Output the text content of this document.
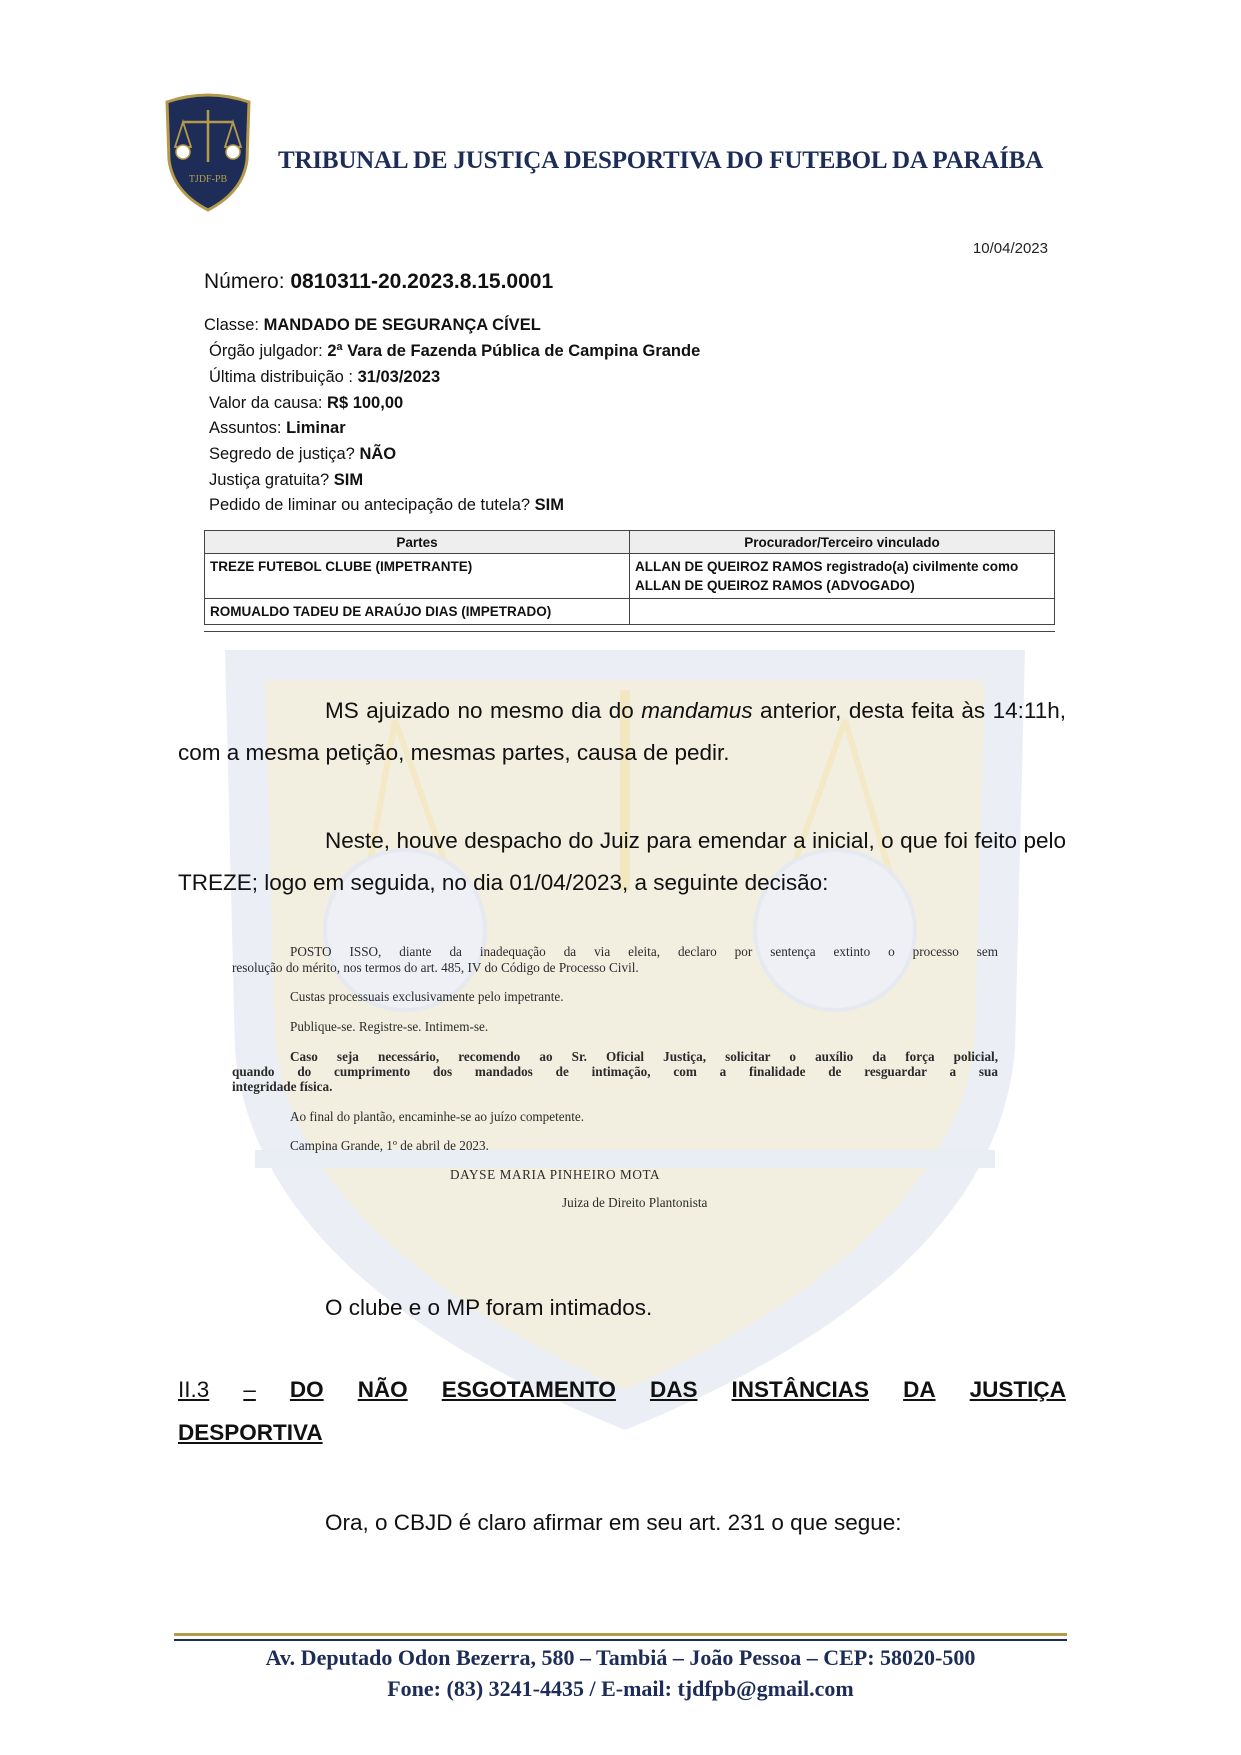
TJDF-PB
TRIBUNAL DE JUSTIÇA DESPORTIVA DO FUTEBOL DA PARAÍBA
10/04/2023
Número: 0810311-20.2023.8.15.0001
Classe: MANDADO DE SEGURANÇA CÍVEL
Órgão julgador: 2ª Vara de Fazenda Pública de Campina Grande
Última distribuição : 31/03/2023
Valor da causa: R$ 100,00
Assuntos: Liminar
Segredo de justiça? NÃO
Justiça gratuita? SIM
Pedido de liminar ou antecipação de tutela? SIM
Partes	Procurador/Terceiro vinculado
TREZE FUTEBOL CLUBE (IMPETRANTE)	ALLAN DE QUEIROZ RAMOS registrado(a) civilmente como ALLAN DE QUEIROZ RAMOS (ADVOGADO)
ROMUALDO TADEU DE ARAÚJO DIAS (IMPETRADO)	
MS ajuizado no mesmo dia do mandamus anterior, desta feita às 14:11h, com a mesma petição, mesmas partes, causa de pedir.
Neste, houve despacho do Juiz para emendar a inicial, o que foi feito pelo TREZE; logo em seguida, no dia 01/04/2023, a seguinte decisão:
POSTO ISSO, diante da inadequação da via eleita, declaro por sentença extinto o processo sem
resolução do mérito, nos termos do art. 485, IV do Código de Processo Civil.
Custas processuais exclusivamente pelo impetrante.
Publique-se. Registre-se. Intimem-se.
Caso seja necessário, recomendo ao Sr. Oficial Justiça, solicitar o auxílio da força policial,
quando do cumprimento dos mandados de intimação, com a finalidade de resguardar a sua
integridade física.
Ao final do plantão, encaminhe-se ao juízo competente.
Campina Grande, 1º de abril de 2023.
DAYSE MARIA PINHEIRO MOTA
Juiza de Direito Plantonista
O clube e o MP foram intimados.
II.3 – DO NÃO ESGOTAMENTO DAS INSTÂNCIAS DA JUSTIÇA
DESPORTIVA
Ora, o CBJD é claro afirmar em seu art. 231 o que segue:
Av. Deputado Odon Bezerra, 580 – Tambiá – João Pessoa – CEP: 58020-500
Fone: (83) 3241-4435 / E-mail: tjdfpb@gmail.com
